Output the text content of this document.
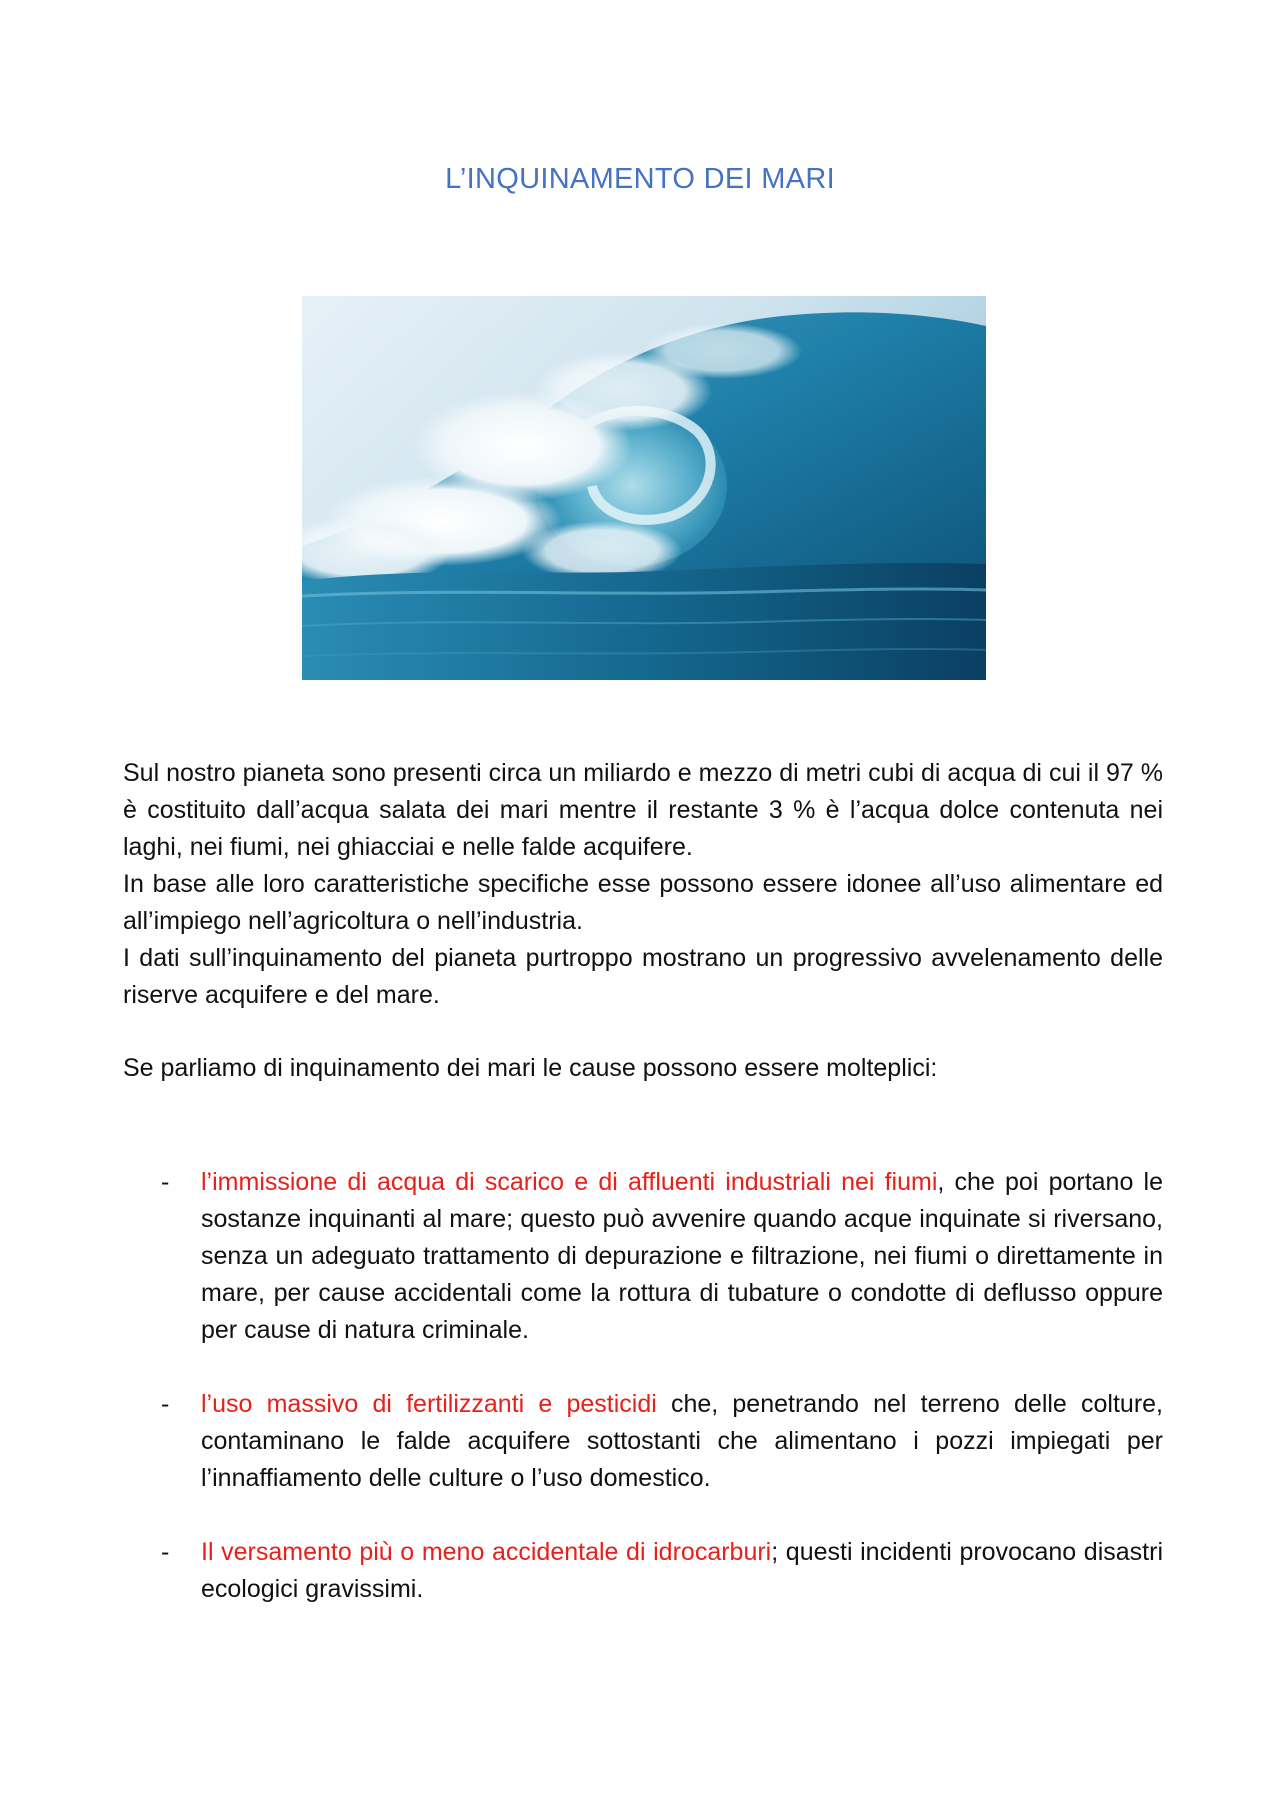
L’INQUINAMENTO DEI MARI

Sul nostro pianeta sono presenti circa un miliardo e mezzo di metri cubi di acqua di cui il 97 % è costituito dall’acqua salata dei mari mentre il restante 3 % è l’acqua dolce contenuta nei laghi, nei fiumi, nei ghiacciai e nelle falde acquifere.

In base alle loro caratteristiche specifiche esse possono essere idonee all’uso alimentare ed all’impiego nell’agricoltura o nell’industria.

I dati sull’inquinamento del pianeta purtroppo mostrano un progressivo avvelenamento delle riserve acquifere e del mare.

Se parliamo di inquinamento dei mari le cause possono essere molteplici:
- l’immissione di acqua di scarico e di affluenti industriali nei fiumi, che poi portano le sostanze inquinanti al mare; questo può avvenire quando acque inquinate si riversano, senza un adeguato trattamento di depurazione e filtrazione, nei fiumi o direttamente in mare, per cause accidentali come la rottura di tubature o condotte di deflusso oppure per cause di natura criminale.
- l’uso massivo di fertilizzanti e pesticidi che, penetrando nel terreno delle colture, contaminano le falde acquifere sottostanti che alimentano i pozzi impiegati per l’innaffiamento delle culture o l’uso domestico.
- Il versamento più o meno accidentale di idrocarburi; questi incidenti provocano disastri ecologici gravissimi.
